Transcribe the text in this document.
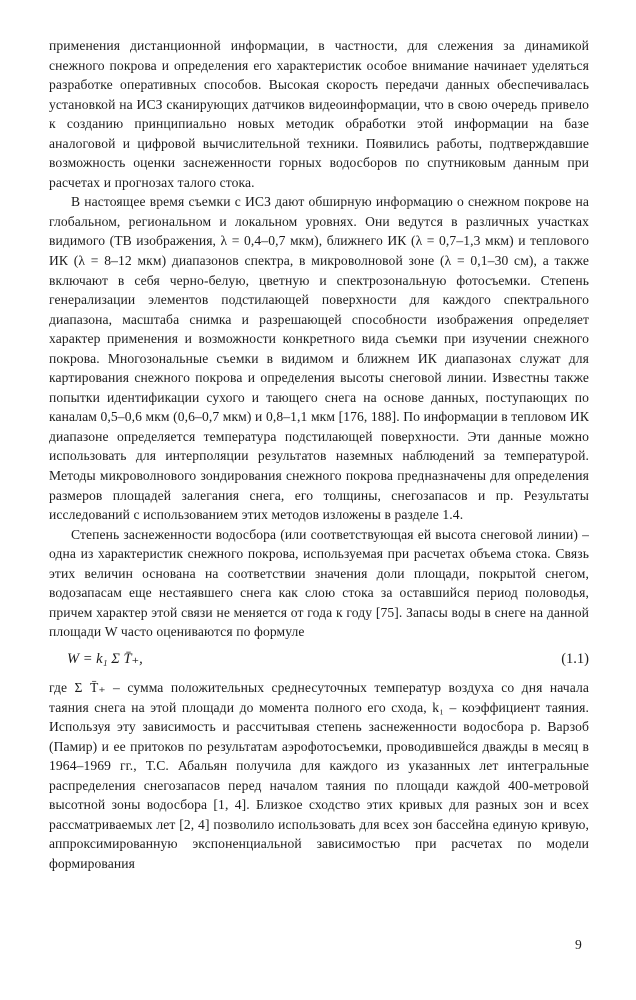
применения дистанционной информации, в частности, для слежения за динамикой снежного покрова и определения его характеристик особое внимание начинает уделяться разработке оперативных способов. Высокая скорость передачи данных обеспечивалась установкой на ИСЗ сканирующих датчиков видеоинформации, что в свою очередь привело к созданию принципиально новых методик обработки этой информации на базе аналоговой и цифровой вычислительной техники. Появились работы, подтверждавшие возможность оценки заснеженности горных водосборов по спутниковым данным при расчетах и прогнозах талого стока.

В настоящее время съемки с ИСЗ дают обширную информацию о снежном покрове на глобальном, региональном и локальном уровнях. Они ведутся в различных участках видимого (ТВ изображения, λ = 0,4–0,7 мкм), ближнего ИК (λ = 0,7–1,3 мкм) и теплового ИК (λ = 8–12 мкм) диапазонов спектра, в микроволновой зоне (λ = 0,1–30 см), а также включают в себя черно-белую, цветную и спектрозональную фотосъемки. Степень генерализации элементов подстилающей поверхности для каждого спектрального диапазона, масштаба снимка и разрешающей способности изображения определяет характер применения и возможности конкретного вида съемки при изучении снежного покрова. Многозональные съемки в видимом и ближнем ИК диапазонах служат для картирования снежного покрова и определения высоты снеговой линии. Известны также попытки идентификации сухого и тающего снега на основе данных, поступающих по каналам 0,5–0,6 мкм (0,6–0,7 мкм) и 0,8–1,1 мкм [176, 188]. По информации в тепловом ИК диапазоне определяется температура подстилающей поверхности. Эти данные можно использовать для интерполяции результатов наземных наблюдений за температурой. Методы микроволнового зондирования снежного покрова предназначены для определения размеров площадей залегания снега, его толщины, снегозапасов и пр. Результаты исследований с использованием этих методов изложены в разделе 1.4.

Степень заснеженности водосбора (или соответствующая ей высота снеговой линии) – одна из характеристик снежного покрова, используемая при расчетах объема стока. Связь этих величин основана на соответствии значения доли площади, покрытой снегом, водозапасам еще нестаявшего снега как слою стока за оставшийся период половодья, причем характер этой связи не меняется от года к году [75]. Запасы воды в снеге на данной площади W часто оцениваются по формуле

W = k₁ Σ T̄₊,	(1.1)

где Σ T̄₊ – сумма положительных среднесуточных температур воздуха со дня начала таяния снега на этой площади до момента полного его схода, k₁ – коэффициент таяния. Используя эту зависимость и рассчитывая степень заснеженности водосбора р. Варзоб (Памир) и ее притоков по результатам аэрофотосъемки, проводившейся дважды в месяц в 1964–1969 гг., Т.С. Абальян получила для каждого из указанных лет интегральные распределения снегозапасов перед началом таяния по площади каждой 400-метровой высотной зоны водосбора [1, 4]. Близкое сходство этих кривых для разных зон и всех рассматриваемых лет [2, 4] позволило использовать для всех зон бассейна единую кривую, аппроксимированную экспоненциальной зависимостью при расчетах по модели формирования

9
